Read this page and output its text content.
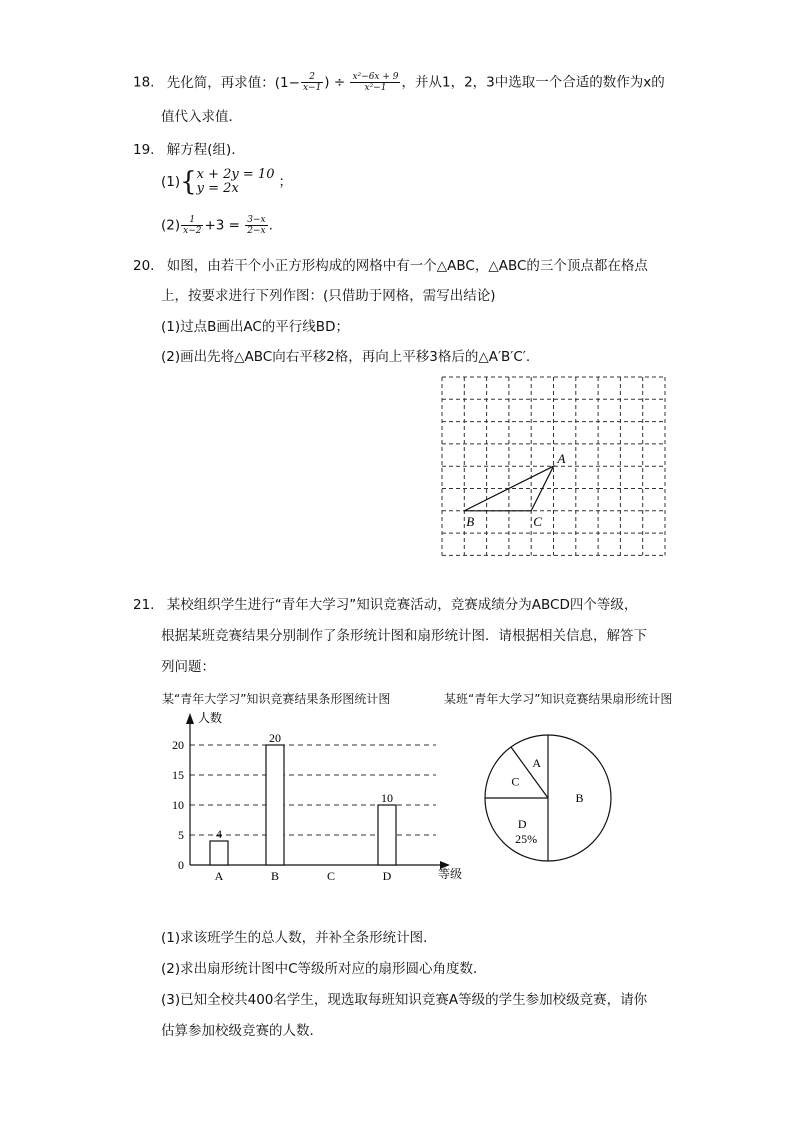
18. 先化简，再求值：($1- \frac{2}{x-1}$ ) ÷ $\frac{\text{x²−6x + 9}}{\text{x²−1}}$ ，并从1，2，3中选取一个合适的数作为x的
值代入求值．
19. 解方程(组)．
(1){ x + 2y = 10
y = 2x	；
$(2) \frac{1}{x-2} +3 = \frac{3-x}{2-x}$ .
20. 如图，由若干个小正方形构成的网格中有一个△ABC，△ABC的三个顶点都在格点
上，按要求进行下列作图：(只借助于网格，需写出结论)
(1)过点B画出AC的平行线BD；
(2)画出先将△ABC向右平移2格，再向上平移3格后的△A′B′C′.
A
B	C
21. 某校组织学生进行“青年大学习”知识竞赛活动，竞赛成绩分为ABCD四个等级，
根据某班竞赛结果分别制作了条形统计图和扇形统计图．请根据相关信息，解答下
列问题：
某“青年大学习”知识竞赛结果条形图统计图	某班“青年大学习”知识竞赛结果扇形统计图
0
5
10
15
20
A	B	C	D
4
20
10
人数
等级
B
D
25%
C
A
(1)求该班学生的总人数，并补全条形统计图．
(2)求出扇形统计图中C等级所对应的扇形圆心角度数．
(3)已知全校共400名学生，现选取每班知识竞赛A等级的学生参加校级竞赛，请你
估算参加校级竞赛的人数．
